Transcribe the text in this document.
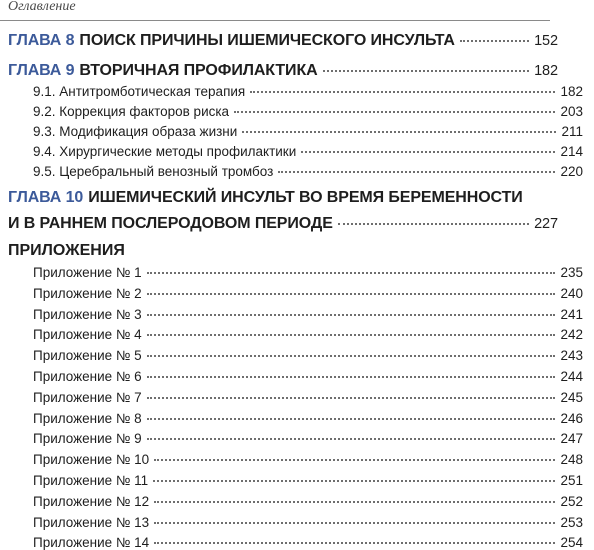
Оглавление
ГЛАВА 8 ПОИСК ПРИЧИНЫ ИШЕМИЧЕСКОГО ИНСУЛЬТА	152
ГЛАВА 9 ВТОРИЧНАЯ ПРОФИЛАКТИКА	182
9.1. Антитромботическая терапия	182
9.2. Коррекция факторов риска	203
9.3. Модификация образа жизни	211
9.4. Хирургические методы профилактики	214
9.5. Церебральный венозный тромбоз	220
ГЛАВА 10 ИШЕМИЧЕСКИЙ ИНСУЛЬТ ВО ВРЕМЯ БЕРЕМЕННОСТИ
И В РАННЕМ ПОСЛЕРОДОВОМ ПЕРИОДЕ	227
ПРИЛОЖЕНИЯ
Приложение № 1	235
Приложение № 2	240
Приложение № 3	241
Приложение № 4	242
Приложение № 5	243
Приложение № 6	244
Приложение № 7	245
Приложение № 8	246
Приложение № 9	247
Приложение № 10	248
Приложение № 11	251
Приложение № 12	252
Приложение № 13	253
Приложение № 14	254
